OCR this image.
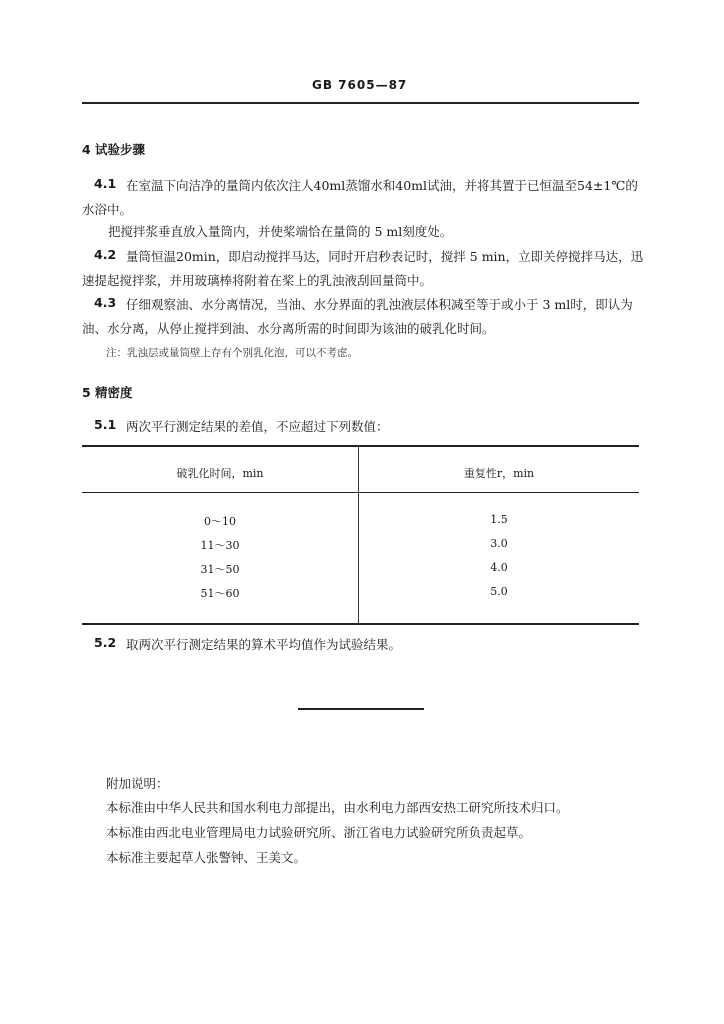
GB 7605—87
4 试验步骤
4.1 在室温下向洁净的量筒内依次注人40ml蒸馏水和40ml试油，并将其置于已恒温至54±1℃的
水浴中。
把搅拌浆垂直放入量筒内，并使桨端恰在量筒的 5 ml刻度处。
4.2 量筒恒温20min，即启动搅拌马达，同时开启秒表记时，搅拌 5 min，立即关停搅拌马达，迅
速提起搅拌浆，并用玻璃棒将附着在桨上的乳浊液刮回量筒中。
4.3 仔细观察油、水分离情况，当油、水分界面的乳浊液层体积减至等于或小于 3 ml时，即认为
油、水分离，从停止搅拌到油、水分离所需的时间即为该油的破乳化时间。
注：乳浊层或量筒壁上存有个别乳化泡，可以不考虑。
5 精密度
5.1 两次平行测定结果的差值，不应超过下列数值：
破乳化时间，min	重复性r，min
0～10	1.5
11～30	3.0
31～50	4.0
51～60	5.0
5.2 取两次平行测定结果的算术平均值作为试验结果。
附加说明：
本标准由中华人民共和国水利电力部提出，由水利电力部西安热工研究所技术归口。
本标准由西北电业管理局电力试验研究所、浙江省电力试验研究所负责起草。
本标准主要起草人张警钟、王美文。
